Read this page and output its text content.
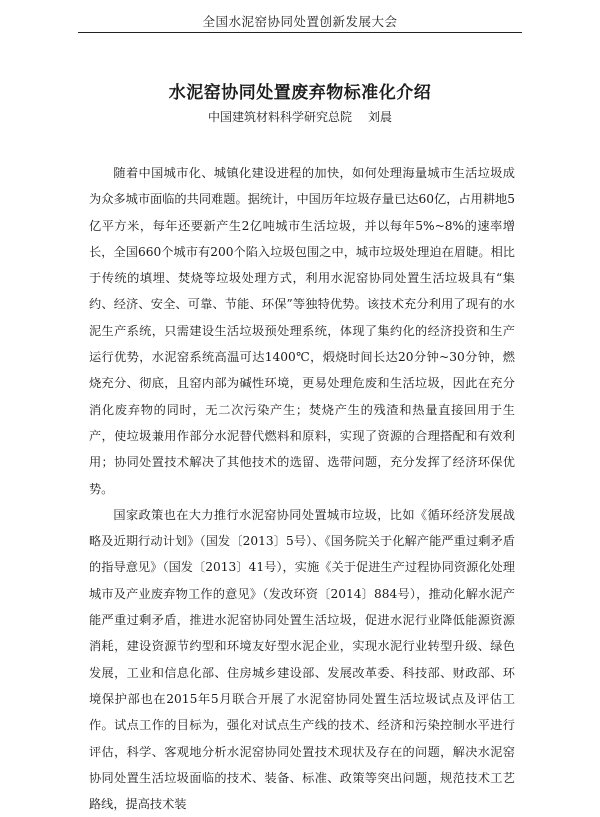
全国水泥窑协同处置创新发展大会
水泥窑协同处置废弃物标准化介绍
中国建筑材料科学研究总院 刘晨

随着中国城市化、城镇化建设进程的加快，如何处理海量城市生活垃圾成为众多城市面临的共同难题。据统计，中国历年垃圾存量已达60亿，占用耕地5亿平方米，每年还要新产生2亿吨城市生活垃圾，并以每年5%~8%的速率增长，全国660个城市有200个陷入垃圾包围之中，城市垃圾处理迫在眉睫。相比于传统的填埋、焚烧等垃圾处理方式，利用水泥窑协同处置生活垃圾具有“集约、经济、安全、可靠、节能、环保”等独特优势。该技术充分利用了现有的水泥生产系统，只需建设生活垃圾预处理系统，体现了集约化的经济投资和生产运行优势，水泥窑系统高温可达1400℃，煅烧时间长达20分钟~30分钟，燃烧充分、彻底，且窑内部为碱性环境，更易处理危废和生活垃圾，因此在充分消化废弃物的同时，无二次污染产生；焚烧产生的残渣和热量直接回用于生产，使垃圾兼用作部分水泥替代燃料和原料，实现了资源的合理搭配和有效利用；协同处置技术解决了其他技术的选留、选带问题，充分发挥了经济环保优势。

国家政策也在大力推行水泥窑协同处置城市垃圾，比如《循环经济发展战略及近期行动计划》（国发〔2013〕5号）、《国务院关于化解产能严重过剩矛盾的指导意见》（国发〔2013〕41号），实施《关于促进生产过程协同资源化处理城市及产业废弃物工作的意见》（发改环资〔2014〕884号），推动化解水泥产能严重过剩矛盾，推进水泥窑协同处置生活垃圾，促进水泥行业降低能源资源消耗，建设资源节约型和环境友好型水泥企业，实现水泥行业转型升级、绿色发展，工业和信息化部、住房城乡建设部、发展改革委、科技部、财政部、环境保护部也在2015年5月联合开展了水泥窑协同处置生活垃圾试点及评估工作。试点工作的目标为，强化对试点生产线的技术、经济和污染控制水平进行评估，科学、客观地分析水泥窑协同处置技术现状及存在的问题，解决水泥窑协同处置生活垃圾面临的技术、装备、标准、政策等突出问题，规范技术工艺路线，提高技术装
